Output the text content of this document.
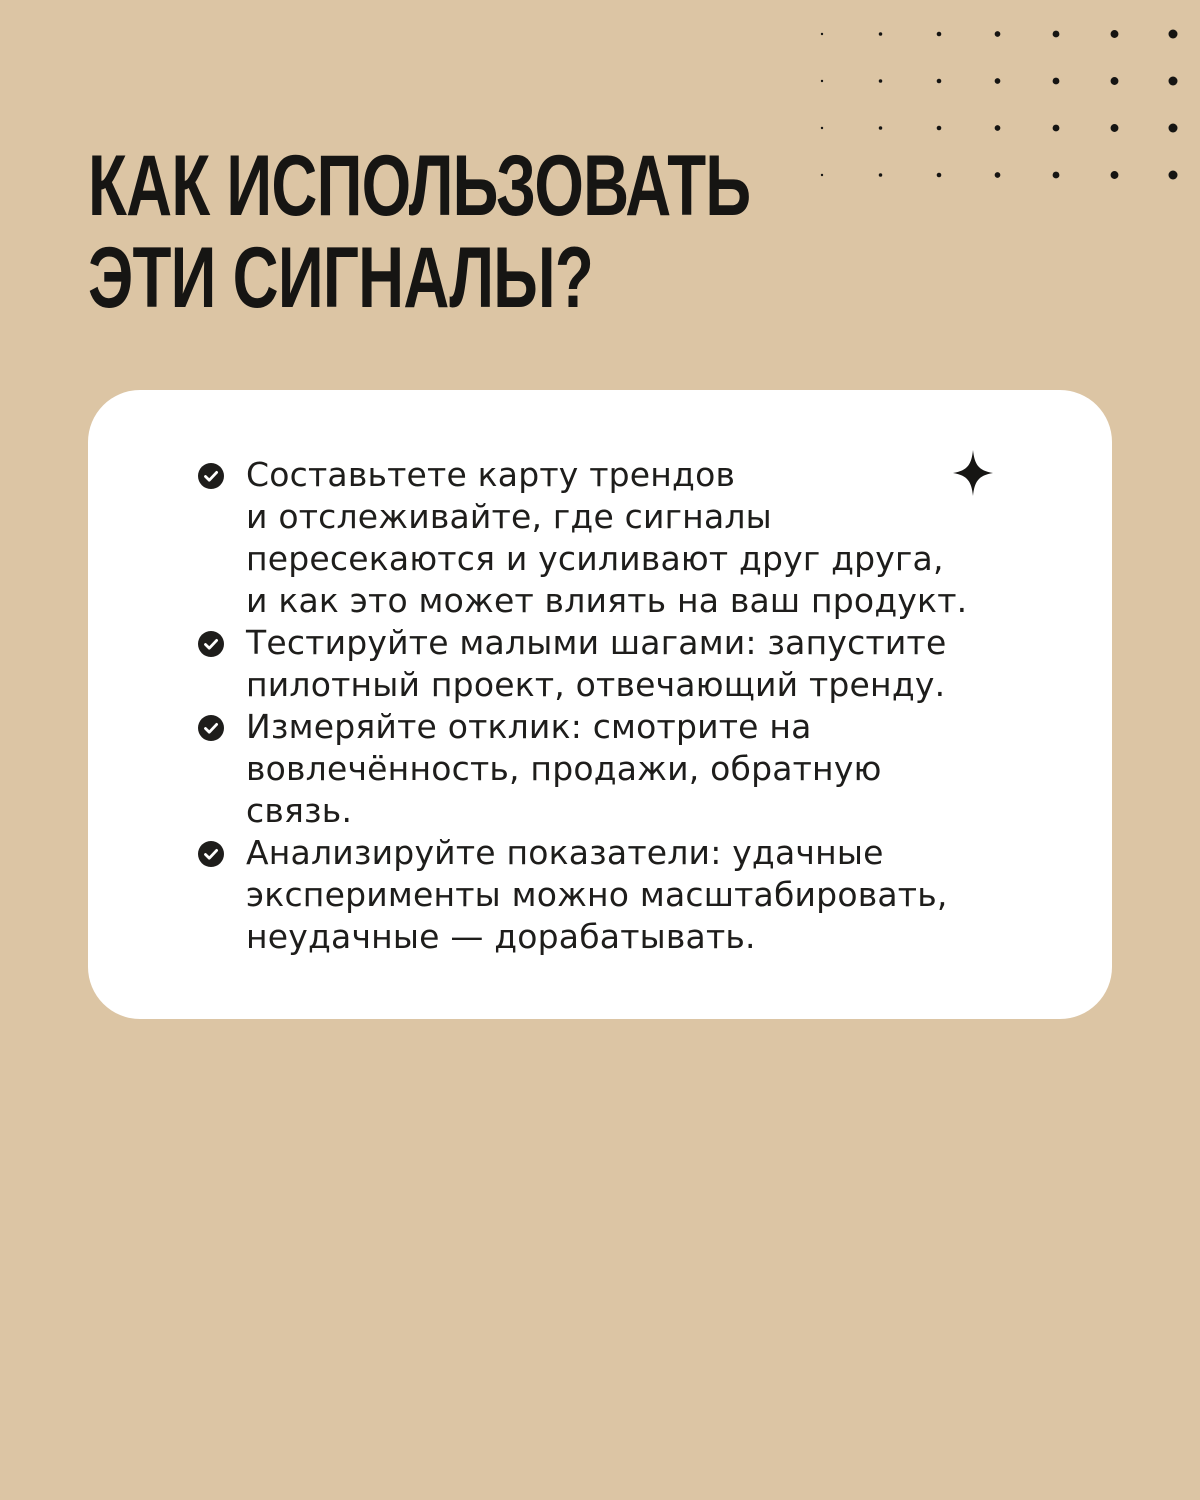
КАК ИСПОЛЬЗОВАТЬ
ЭТИ СИГНАЛЫ?
Составьтете карту трендов
и отслеживайте, где сигналы
пересекаются и усиливают друг друга,
и как это может влиять на ваш продукт.
Тестируйте малыми шагами: запустите
пилотный проект, отвечающий тренду.
Измеряйте отклик: смотрите на
вовлечённость, продажи, обратную
связь.
Анализируйте показатели: удачные
эксперименты можно масштабировать,
неудачные — дорабатывать.
